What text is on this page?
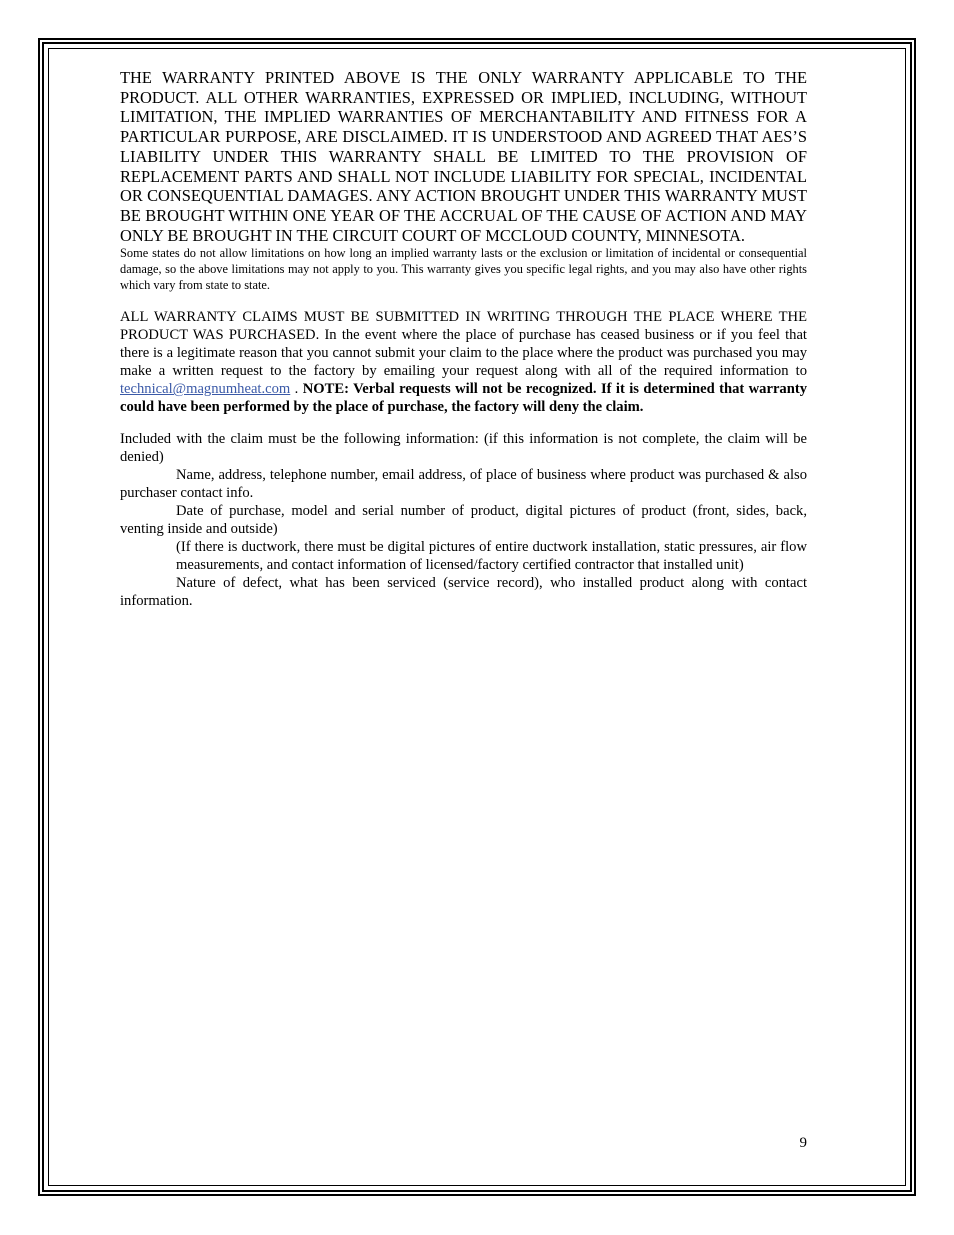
THE WARRANTY PRINTED ABOVE IS THE ONLY WARRANTY APPLICABLE TO THE PRODUCT. ALL OTHER WARRANTIES, EXPRESSED OR IMPLIED, INCLUDING, WITHOUT LIMITATION, THE IMPLIED WARRANTIES OF MERCHANTABILITY AND FITNESS FOR A PARTICULAR PURPOSE, ARE DISCLAIMED. IT IS UNDERSTOOD AND AGREED THAT AES’S LIABILITY UNDER THIS WARRANTY SHALL BE LIMITED TO THE PROVISION OF REPLACEMENT PARTS AND SHALL NOT INCLUDE LIABILITY FOR SPECIAL, INCIDENTAL OR CONSEQUENTIAL DAMAGES. ANY ACTION BROUGHT UNDER THIS WARRANTY MUST BE BROUGHT WITHIN ONE YEAR OF THE ACCRUAL OF THE CAUSE OF ACTION AND MAY ONLY BE BROUGHT IN THE CIRCUIT COURT OF MCCLOUD COUNTY, MINNESOTA.

Some states do not allow limitations on how long an implied warranty lasts or the exclusion or limitation of incidental or consequential damage, so the above limitations may not apply to you. This warranty gives you specific legal rights, and you may also have other rights which vary from state to state.

ALL WARRANTY CLAIMS MUST BE SUBMITTED IN WRITING THROUGH THE PLACE WHERE THE PRODUCT WAS PURCHASED. In the event where the place of purchase has ceased business or if you feel that there is a legitimate reason that you cannot submit your claim to the place where the product was purchased you may make a written request to the factory by emailing your request along with all of the required information to technical@magnumheat.com . NOTE: Verbal requests will not be recognized. If it is determined that warranty could have been performed by the place of purchase, the factory will deny the claim.

Included with the claim must be the following information: (if this information is not complete, the claim will be denied)

Name, address, telephone number, email address, of place of business where product was purchased & also purchaser contact info.

Date of purchase, model and serial number of product, digital pictures of product (front, sides, back, venting inside and outside)

(If there is ductwork, there must be digital pictures of entire ductwork installation, static pressures, air flow measurements, and contact information of licensed/factory certified contractor that installed unit)

Nature of defect, what has been serviced (service record), who installed product along with contact information.

9
